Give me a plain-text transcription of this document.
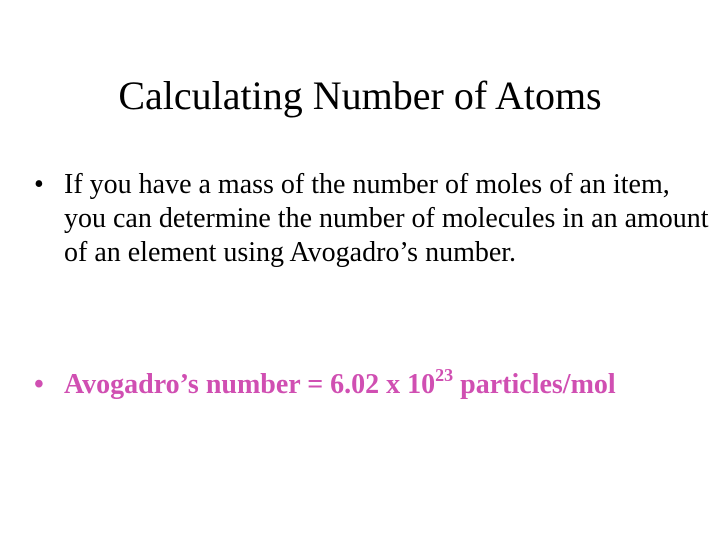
Calculating Number of Atoms
• If you have a mass of the number of moles of an item, you can determine the number of molecules in an amount of an element using Avogadro’s number.
• Avogadro’s number = 6.02 x $10^{23}$ particles/mol
